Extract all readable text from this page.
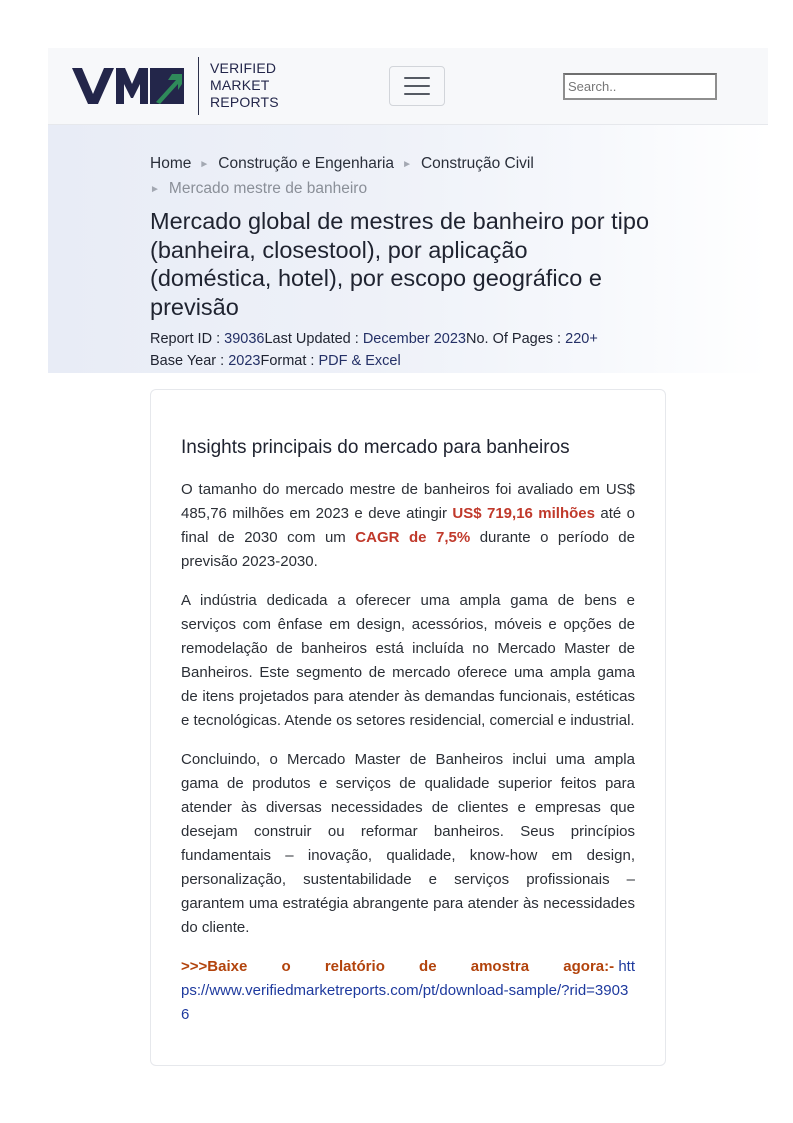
VERIFIED
MARKET
REPORTS
Search..
Home ► Construção e Engenharia ► Construção Civil
► Mercado mestre de banheiro
Mercado global de mestres de banheiro por tipo (banheira, closestool), por aplicação (doméstica, hotel), por escopo geográfico e previsão
Report ID : 39036Last Updated : December 2023No. Of Pages : 220+
Base Year : 2023Format : PDF & Excel
Insights principais do mercado para banheiros

O tamanho do mercado mestre de banheiros foi avaliado em US$ 485,76 milhões em 2023 e deve atingir US$ 719,16 milhões até o final de 2030 com um CAGR de 7,5% durante o período de previsão 2023-2030.

A indústria dedicada a oferecer uma ampla gama de bens e serviços com ênfase em design, acessórios, móveis e opções de remodelação de banheiros está incluída no Mercado Master de Banheiros. Este segmento de mercado oferece uma ampla gama de itens projetados para atender às demandas funcionais, estéticas e tecnológicas. Atende os setores residencial, comercial e industrial.

Concluindo, o Mercado Master de Banheiros inclui uma ampla gama de produtos e serviços de qualidade superior feitos para atender às diversas necessidades de clientes e empresas que desejam construir ou reformar banheiros. Seus princípios fundamentais – inovação, qualidade, know-how em design, personalização, sustentabilidade e serviços profissionais – garantem uma estratégia abrangente para atender às necessidades do cliente.

>>>Baixe o relatório de amostra agora:- https://www.verifiedmarketreports.com/pt/download-sample/?rid=39036
